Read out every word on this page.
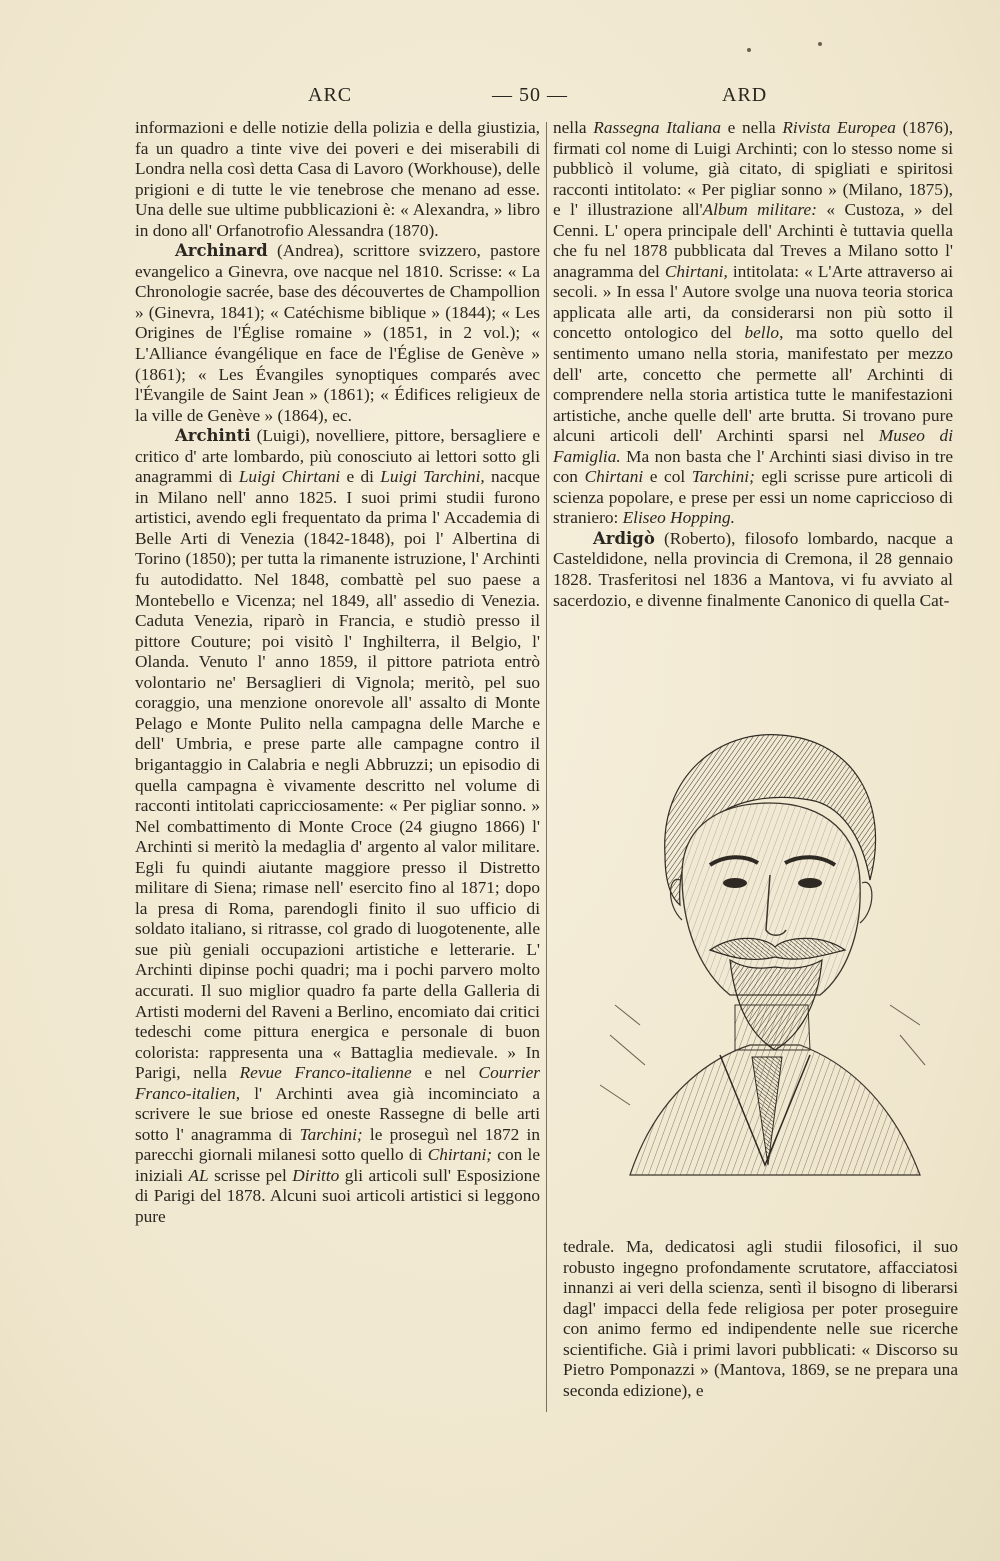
ARC	— 50 —	ARD

informazioni e delle notizie della polizia e della giustizia, fa un quadro a tinte vive dei poveri e dei miserabili di Londra nella così detta Casa di Lavoro (Workhouse), delle prigioni e di tutte le vie tenebrose che menano ad esse. Una delle sue ultime pubblicazioni è: « Alexandra, » libro in dono all' Orfanotrofio Alessandra (1870).

Archinard (Andrea), scrittore svizzero, pastore evangelico a Ginevra, ove nacque nel 1810. Scrisse: « La Chronologie sacrée, base des découvertes de Champollion » (Ginevra, 1841); « Catéchisme biblique » (1844); « Les Origines de l'Église romaine » (1851, in 2 vol.); « L'Alliance évangélique en face de l'Église de Genève » (1861); « Les Évangiles synoptiques comparés avec l'Évangile de Saint Jean » (1861); « Édifices religieux de la ville de Genève » (1864), ec.

Archinti (Luigi), novelliere, pittore, bersagliere e critico d' arte lombardo, più conosciuto ai lettori sotto gli anagrammi di Luigi Chirtani e di Luigi Tarchini, nacque in Milano nell' anno 1825. I suoi primi studii furono artistici, avendo egli frequentato da prima l' Accademia di Belle Arti di Venezia (1842-1848), poi l' Albertina di Torino (1850); per tutta la rimanente istruzione, l' Archinti fu autodidatto. Nel 1848, combattè pel suo paese a Montebello e Vicenza; nel 1849, all' assedio di Venezia. Caduta Venezia, riparò in Francia, e studiò presso il pittore Couture; poi visitò l' Inghilterra, il Belgio, l' Olanda. Venuto l' anno 1859, il pittore patriota entrò volontario ne' Bersaglieri di Vignola; meritò, pel suo coraggio, una menzione onorevole all' assalto di Monte Pelago e Monte Pulito nella campagna delle Marche e dell' Umbria, e prese parte alle campagne contro il brigantaggio in Calabria e negli Abbruzzi; un episodio di quella campagna è vivamente descritto nel volume di racconti intitolati capricciosamente: « Per pigliar sonno. » Nel combattimento di Monte Croce (24 giugno 1866) l' Archinti si meritò la medaglia d' argento al valor militare. Egli fu quindi aiutante maggiore presso il Distretto militare di Siena; rimase nell' esercito fino al 1871; dopo la presa di Roma, parendogli finito il suo ufficio di soldato italiano, si ritrasse, col grado di luogotenente, alle sue più geniali occupazioni artistiche e letterarie. L' Archinti dipinse pochi quadri; ma i pochi parvero molto accurati. Il suo miglior quadro fa parte della Galleria di Artisti moderni del Raveni a Berlino, encomiato dai critici tedeschi come pittura energica e personale di buon colorista: rappresenta una « Battaglia medievale. » In Parigi, nella Revue Franco-italienne e nel Courrier Franco-italien, l' Archinti avea già incominciato a scrivere le sue briose ed oneste Rassegne di belle arti sotto l' anagramma di Tarchini; le proseguì nel 1872 in parecchi giornali milanesi sotto quello di Chirtani; con le iniziali AL scrisse pel Diritto gli articoli sull' Esposizione di Parigi del 1878. Alcuni suoi articoli artistici si leggono pure

nella Rassegna Italiana e nella Rivista Europea (1876), firmati col nome di Luigi Archinti; con lo stesso nome si pubblicò il volume, già citato, di spigliati e spiritosi racconti intitolato: « Per pigliar sonno » (Milano, 1875), e l' illustrazione all'Album militare: « Custoza, » del Cenni. L' opera principale dell' Archinti è tuttavia quella che fu nel 1878 pubblicata dal Treves a Milano sotto l' anagramma del Chirtani, intitolata: « L'Arte attraverso ai secoli. » In essa l' Autore svolge una nuova teoria storica applicata alle arti, da considerarsi non più sotto il concetto ontologico del bello, ma sotto quello del sentimento umano nella storia, manifestato per mezzo dell' arte, concetto che permette all' Archinti di comprendere nella storia artistica tutte le manifestazioni artistiche, anche quelle dell' arte brutta. Si trovano pure alcuni articoli dell' Archinti sparsi nel Museo di Famiglia. Ma non basta che l' Archinti siasi diviso in tre con Chirtani e col Tarchini; egli scrisse pure articoli di scienza popolare, e prese per essi un nome capriccioso di straniero: Eliseo Hopping.

Ardigò (Roberto), filosofo lombardo, nacque a Casteldidone, nella provincia di Cremona, il 28 gennaio 1828. Trasferitosi nel 1836 a Mantova, vi fu avviato al sacerdozio, e divenne finalmente Canonico di quella Cat-

tedrale. Ma, dedicatosi agli studii filosofici, il suo robusto ingegno profondamente scrutatore, affacciatosi innanzi ai veri della scienza, sentì il bisogno di liberarsi dagl' impacci della fede religiosa per poter proseguire con animo fermo ed indipendente nelle sue ricerche scientifiche. Già i primi lavori pubblicati: « Discorso su Pietro Pomponazzi » (Mantova, 1869, se ne prepara una seconda edizione), e
